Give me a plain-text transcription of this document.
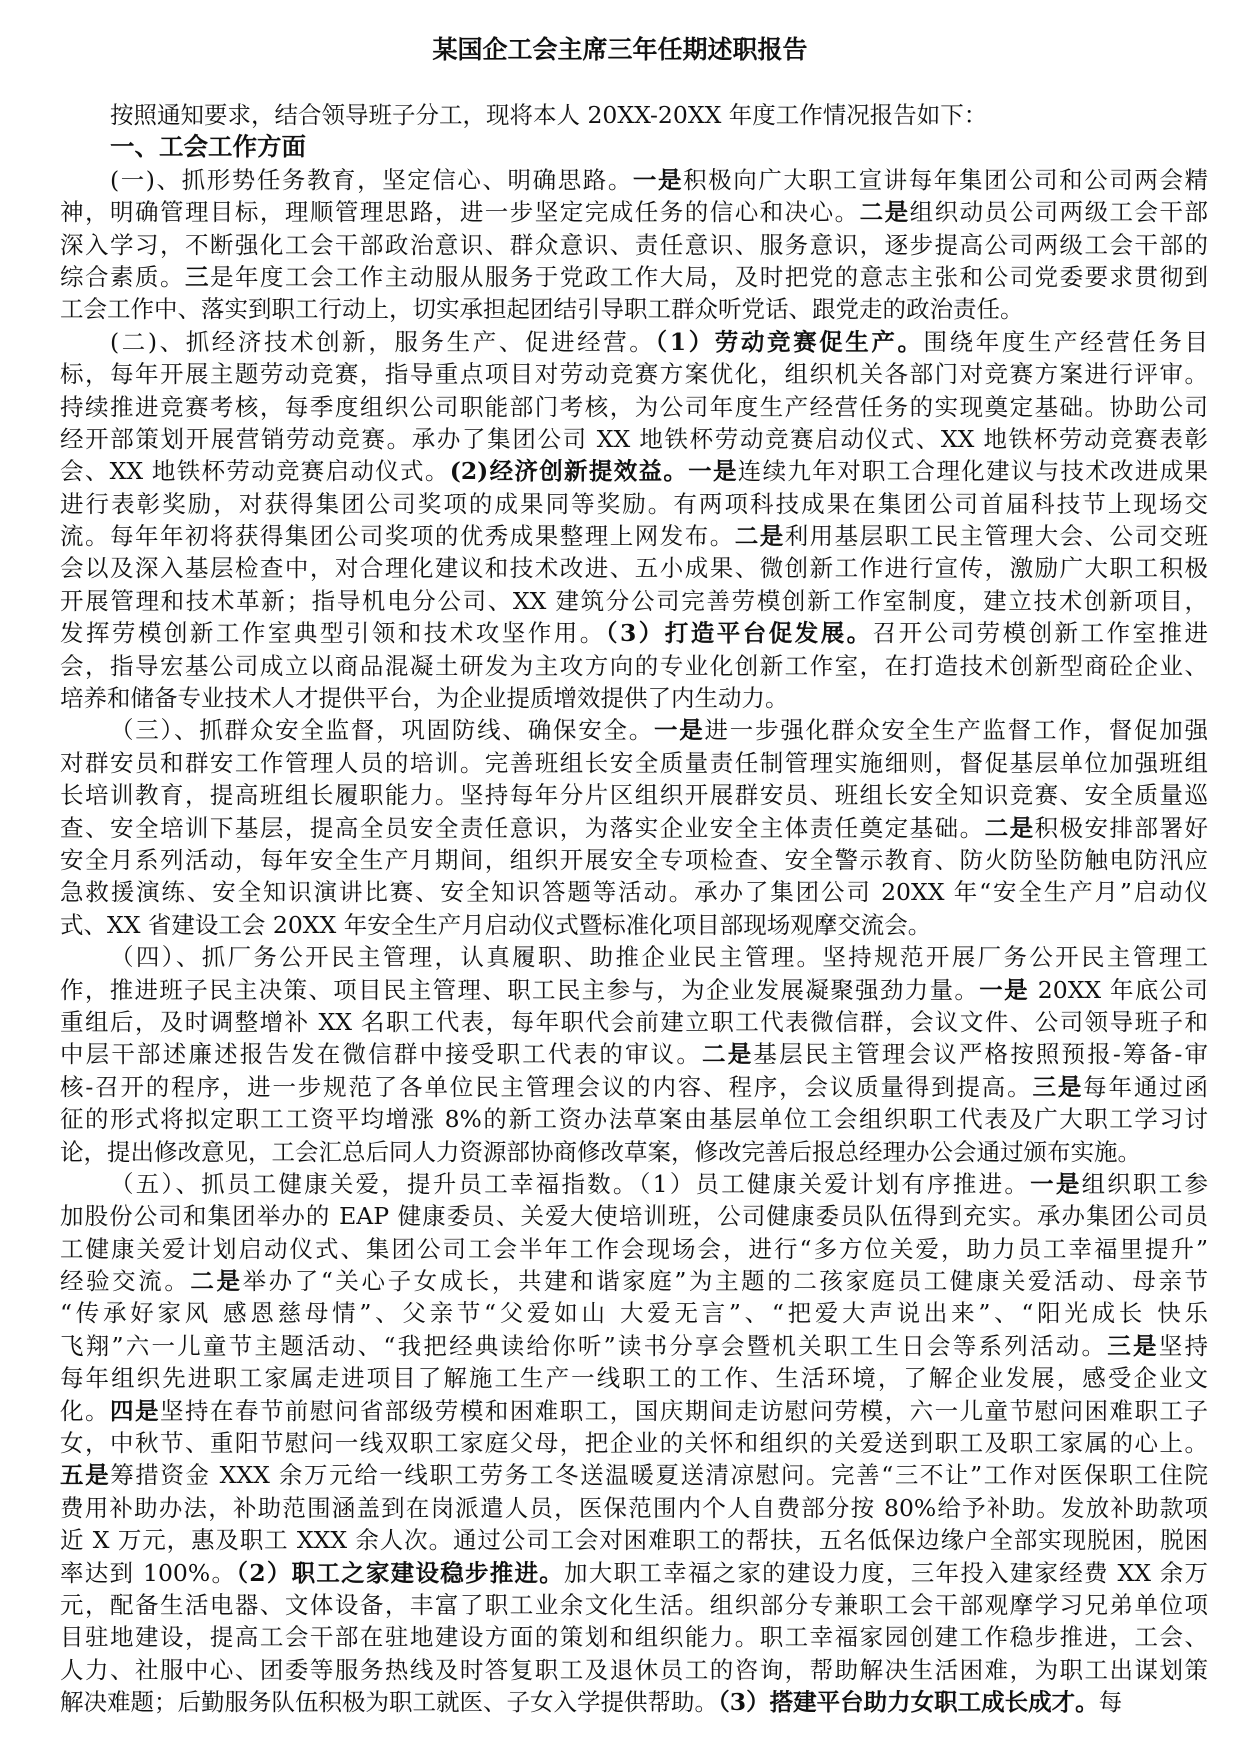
某国企工会主席三年任期述职报告
按照通知要求，结合领导班子分工，现将本人 20XX-20XX 年度工作情况报告如下：
一、工会工作方面
(一)、抓形势任务教育，坚定信心、明确思路。一是积极向广大职工宣讲每年集团公司和公司两会精
神，明确管理目标，理顺管理思路，进一步坚定完成任务的信心和决心。二是组织动员公司两级工会干部
深入学习，不断强化工会干部政治意识、群众意识、责任意识、服务意识，逐步提高公司两级工会干部的
综合素质。三是年度工会工作主动服从服务于党政工作大局，及时把党的意志主张和公司党委要求贯彻到
工会工作中、落实到职工行动上，切实承担起团结引导职工群众听党话、跟党走的政治责任。
(二)、抓经济技术创新，服务生产、促进经营。（1）劳动竞赛促生产。围绕年度生产经营任务目
标，每年开展主题劳动竞赛，指导重点项目对劳动竞赛方案优化，组织机关各部门对竞赛方案进行评审。
持续推进竞赛考核，每季度组织公司职能部门考核，为公司年度生产经营任务的实现奠定基础。协助公司
经开部策划开展营销劳动竞赛。承办了集团公司 XX 地铁杯劳动竞赛启动仪式、XX 地铁杯劳动竞赛表彰
会、XX 地铁杯劳动竞赛启动仪式。(2)经济创新提效益。一是连续九年对职工合理化建议与技术改进成果
进行表彰奖励，对获得集团公司奖项的成果同等奖励。有两项科技成果在集团公司首届科技节上现场交
流。每年年初将获得集团公司奖项的优秀成果整理上网发布。二是利用基层职工民主管理大会、公司交班
会以及深入基层检查中，对合理化建议和技术改进、五小成果、微创新工作进行宣传，激励广大职工积极
开展管理和技术革新；指导机电分公司、XX 建筑分公司完善劳模创新工作室制度，建立技术创新项目，
发挥劳模创新工作室典型引领和技术攻坚作用。（3）打造平台促发展。召开公司劳模创新工作室推进
会，指导宏基公司成立以商品混凝土研发为主攻方向的专业化创新工作室，在打造技术创新型商砼企业、
培养和储备专业技术人才提供平台，为企业提质增效提供了内生动力。
（三）、抓群众安全监督，巩固防线、确保安全。一是进一步强化群众安全生产监督工作，督促加强
对群安员和群安工作管理人员的培训。完善班组长安全质量责任制管理实施细则，督促基层单位加强班组
长培训教育，提高班组长履职能力。坚持每年分片区组织开展群安员、班组长安全知识竞赛、安全质量巡
查、安全培训下基层，提高全员安全责任意识，为落实企业安全主体责任奠定基础。二是积极安排部署好
安全月系列活动，每年安全生产月期间，组织开展安全专项检查、安全警示教育、防火防坠防触电防汛应
急救援演练、安全知识演讲比赛、安全知识答题等活动。承办了集团公司 20XX 年“安全生产月”启动仪
式、XX 省建设工会 20XX 年安全生产月启动仪式暨标准化项目部现场观摩交流会。
（四）、抓厂务公开民主管理，认真履职、助推企业民主管理。坚持规范开展厂务公开民主管理工
作，推进班子民主决策、项目民主管理、职工民主参与，为企业发展凝聚强劲力量。一是 20XX 年底公司
重组后，及时调整增补 XX 名职工代表，每年职代会前建立职工代表微信群，会议文件、公司领导班子和
中层干部述廉述报告发在微信群中接受职工代表的审议。二是基层民主管理会议严格按照预报-筹备-审
核-召开的程序，进一步规范了各单位民主管理会议的内容、程序，会议质量得到提高。三是每年通过函
征的形式将拟定职工工资平均增涨 8%的新工资办法草案由基层单位工会组织职工代表及广大职工学习讨
论，提出修改意见，工会汇总后同人力资源部协商修改草案，修改完善后报总经理办公会通过颁布实施。
（五）、抓员工健康关爱，提升员工幸福指数。（1）员工健康关爱计划有序推进。一是组织职工参
加股份公司和集团举办的 EAP 健康委员、关爱大使培训班，公司健康委员队伍得到充实。承办集团公司员
工健康关爱计划启动仪式、集团公司工会半年工作会现场会，进行“多方位关爱，助力员工幸福里提升”
经验交流。二是举办了“关心子女成长，共建和谐家庭”为主题的二孩家庭员工健康关爱活动、母亲节
“传承好家风 感恩慈母情”、父亲节“父爱如山 大爱无言”、“把爱大声说出来”、“阳光成长 快乐
飞翔”六一儿童节主题活动、“我把经典读给你听”读书分享会暨机关职工生日会等系列活动。三是坚持
每年组织先进职工家属走进项目了解施工生产一线职工的工作、生活环境，了解企业发展，感受企业文
化。四是坚持在春节前慰问省部级劳模和困难职工，国庆期间走访慰问劳模，六一儿童节慰问困难职工子
女，中秋节、重阳节慰问一线双职工家庭父母，把企业的关怀和组织的关爱送到职工及职工家属的心上。
五是筹措资金 XXX 余万元给一线职工劳务工冬送温暖夏送清凉慰问。完善“三不让”工作对医保职工住院
费用补助办法，补助范围涵盖到在岗派遣人员，医保范围内个人自费部分按 80%给予补助。发放补助款项
近 X 万元，惠及职工 XXX 余人次。通过公司工会对困难职工的帮扶，五名低保边缘户全部实现脱困，脱困
率达到 100%。（2）职工之家建设稳步推进。加大职工幸福之家的建设力度，三年投入建家经费 XX 余万
元，配备生活电器、文体设备，丰富了职工业余文化生活。组织部分专兼职工会干部观摩学习兄弟单位项
目驻地建设，提高工会干部在驻地建设方面的策划和组织能力。职工幸福家园创建工作稳步推进，工会、
人力、社服中心、团委等服务热线及时答复职工及退休员工的咨询，帮助解决生活困难，为职工出谋划策
解决难题；后勤服务队伍积极为职工就医、子女入学提供帮助。（3）搭建平台助力女职工成长成才。每
